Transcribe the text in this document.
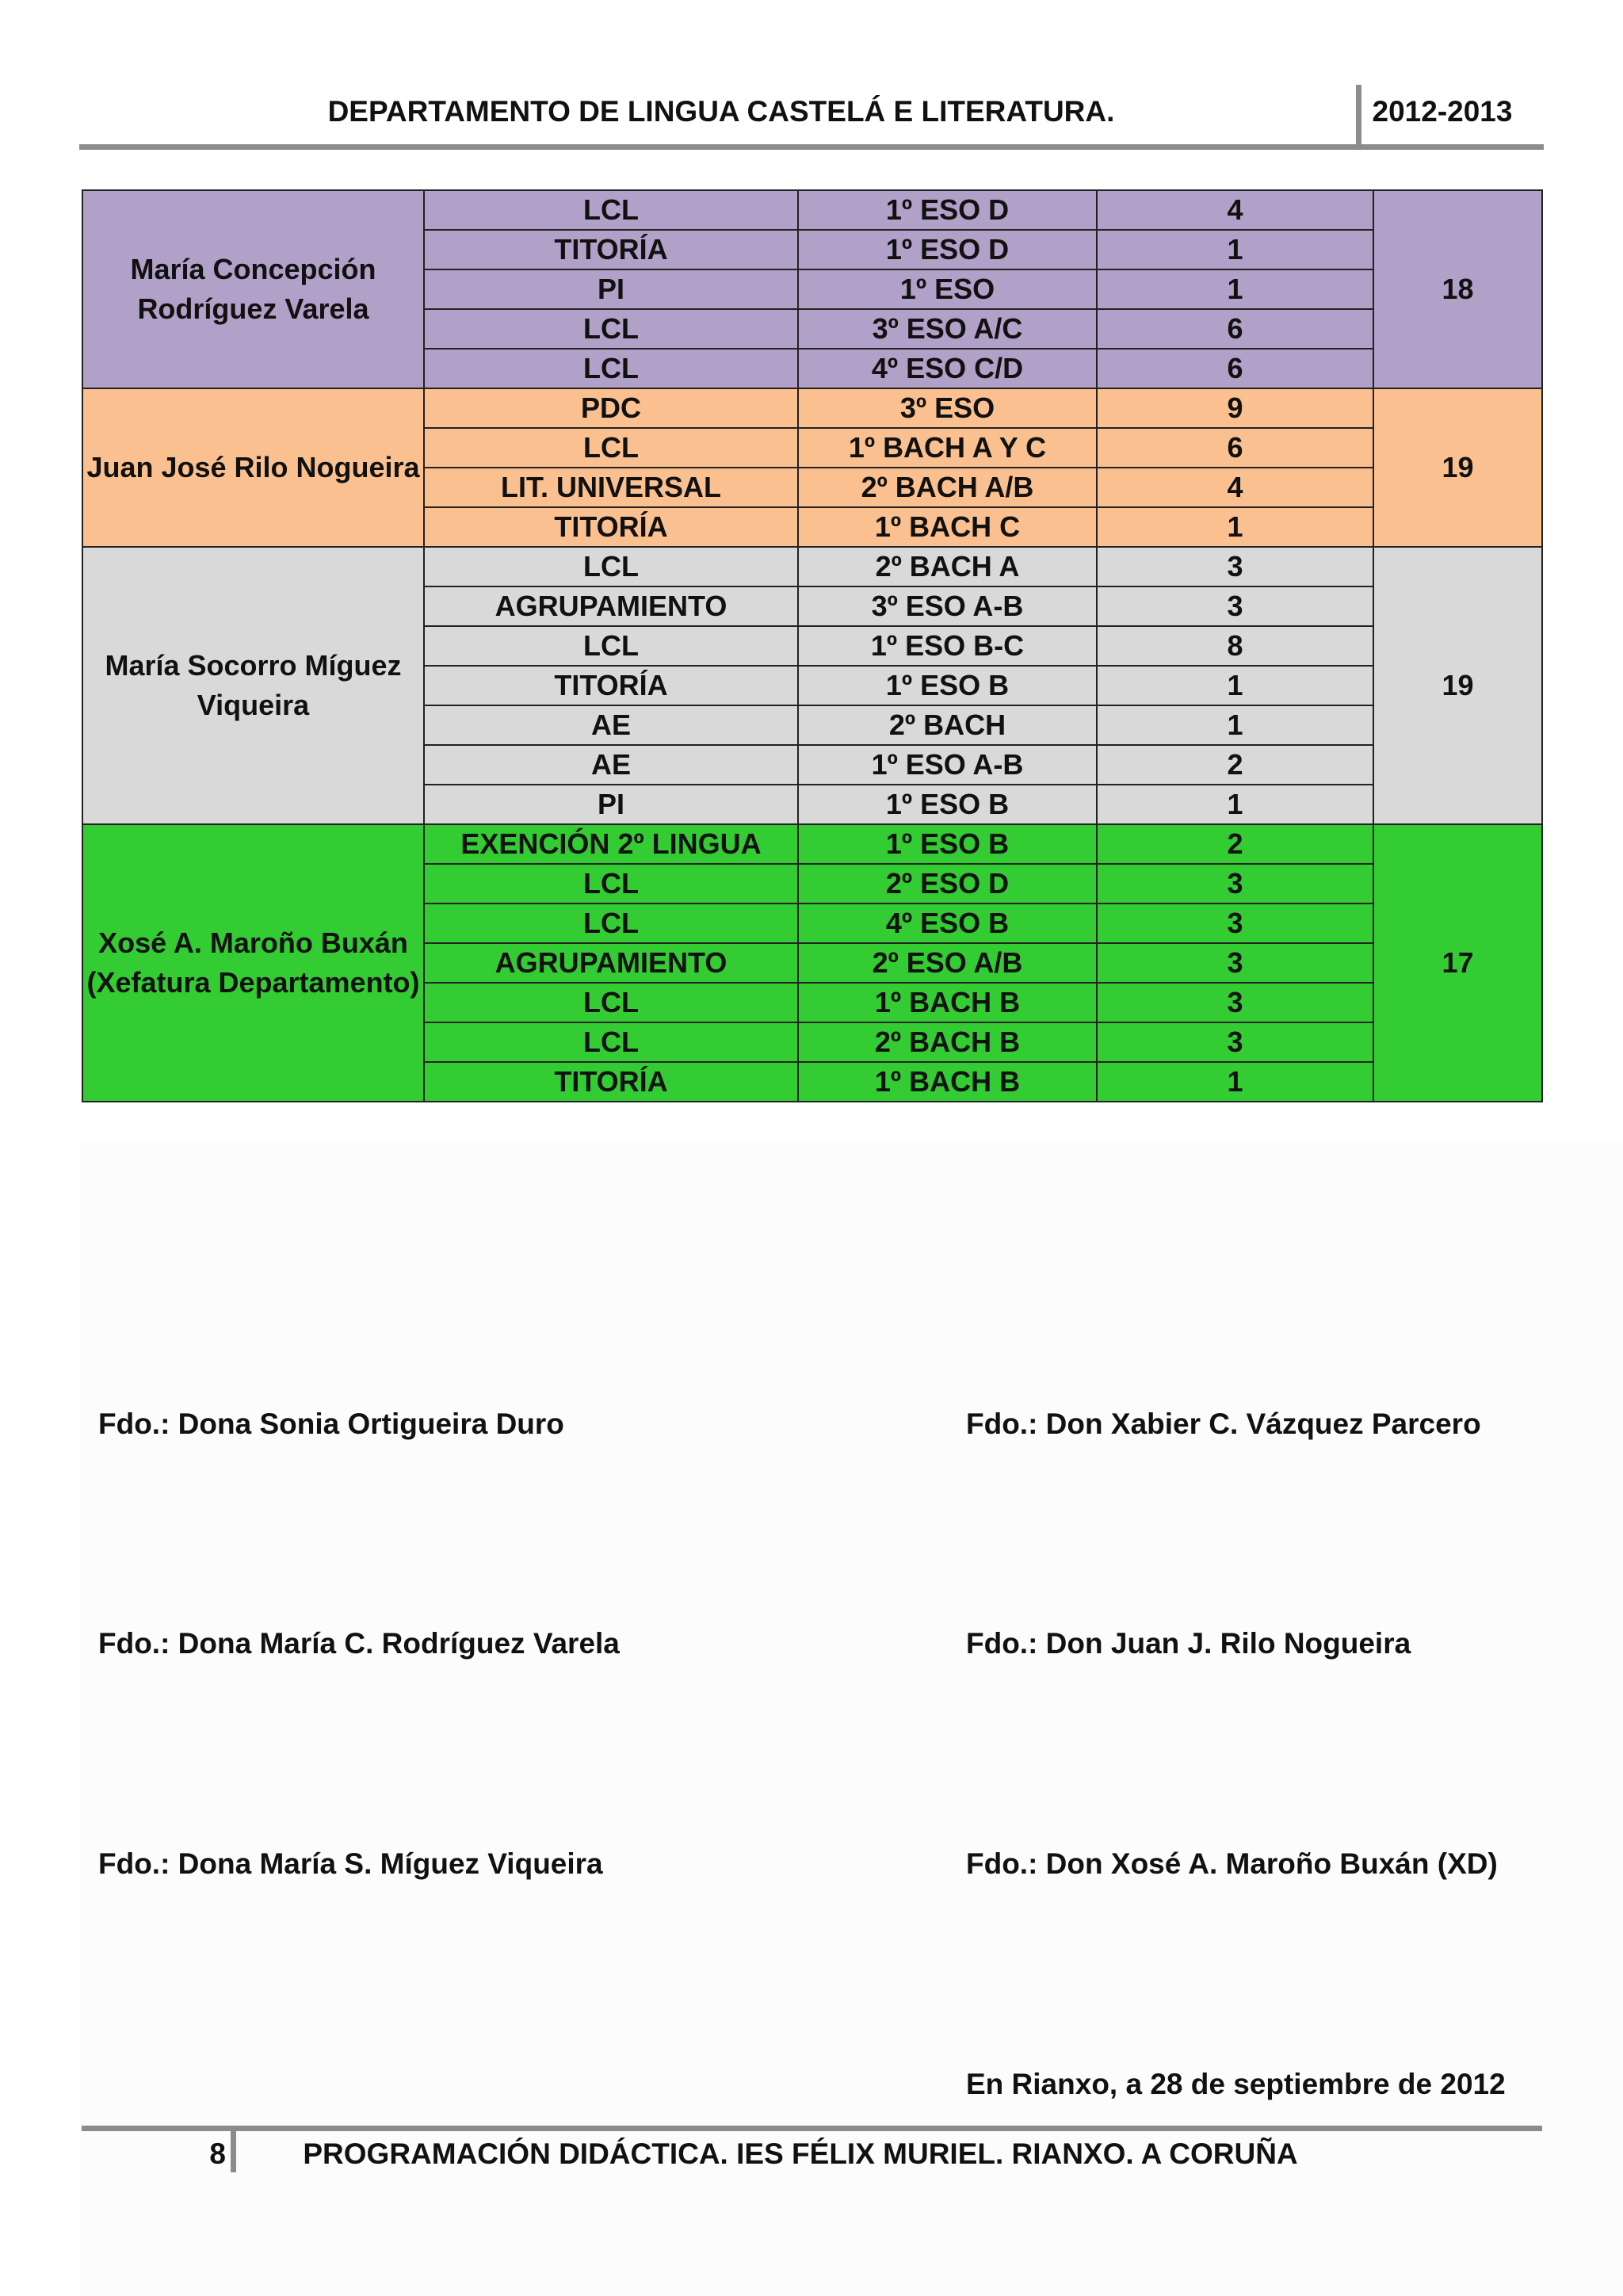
DEPARTAMENTO DE LINGUA CASTELÁ E LITERATURA.	2012-2013
María Concepción Rodríguez Varela	LCL	1º ESO D	4	18
	TITORÍA	1º ESO D	1	
	PI	1º ESO	1	
	LCL	3º ESO A/C	6	
	LCL	4º ESO C/D	6	
Juan José Rilo Nogueira	PDC	3º ESO	9	19
	LCL	1º BACH A Y C	6	
	LIT. UNIVERSAL	2º BACH A/B	4	
	TITORÍA	1º BACH C	1	
María Socorro Míguez Viqueira	LCL	2º BACH A	3	19
	AGRUPAMIENTO	3º ESO A-B	3	
	LCL	1º ESO B-C	8	
	TITORÍA	1º ESO B	1	
	AE	2º BACH	1	
	AE	1º ESO A-B	2	
	PI	1º ESO B	1	
Xosé A. Maroño Buxán (Xefatura Departamento)	EXENCIÓN 2º LINGUA	1º ESO B	2	17
	LCL	2º ESO D	3	
	LCL	4º ESO B	3	
	AGRUPAMIENTO	2º ESO A/B	3	
	LCL	1º BACH B	3	
	LCL	2º BACH B	3	
	TITORÍA	1º BACH B	1	
Fdo.: Dona Sonia Ortigueira Duro	Fdo.: Don Xabier C. Vázquez Parcero
Fdo.: Dona María C. Rodríguez Varela	Fdo.: Don Juan J. Rilo Nogueira
Fdo.: Dona María S. Míguez Viqueira	Fdo.: Don Xosé A. Maroño Buxán (XD)
En Rianxo, a 28 de septiembre de 2012
8	PROGRAMACIÓN DIDÁCTICA. IES FÉLIX MURIEL. RIANXO. A CORUÑA
